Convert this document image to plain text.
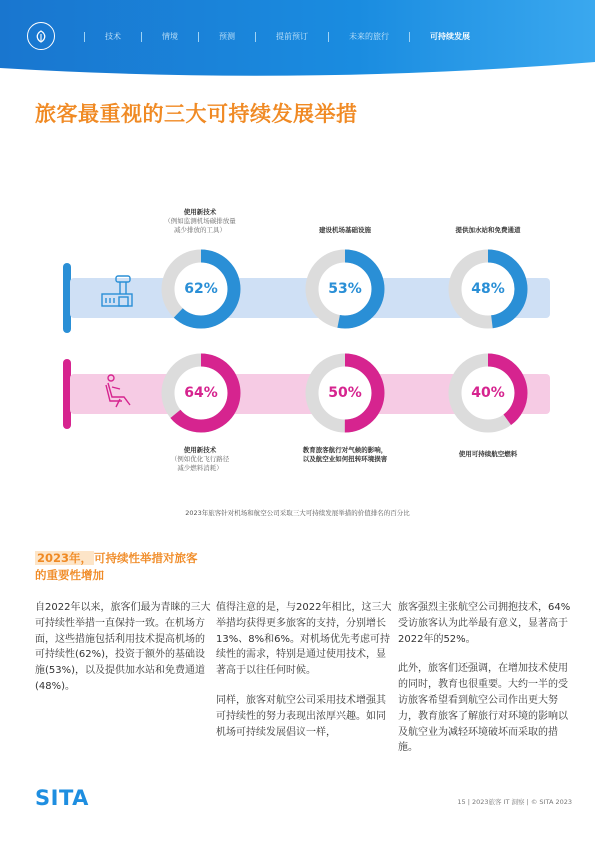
技术	情境	预测	提前预订	未来的旅行	可持续发展
旅客最重视的三大可持续发展举措
使用新技术
（例如监测机场碳排放量
减少排放的工具）	建设机场基础设施	提供加水站和免费通道
62%	53%	48%
64%	50%	40%
使用新技术
（例如优化飞行路径
减少燃料消耗）
教育旅客航行对气候的影响，
以及航空业如何扭转环境损害
使用可持续航空燃料
2023年旅客针对机场和航空公司采取三大可持续发展举措的价值排名的百分比
2023年， 可持续性举措对旅客的重要性增加

自2022年以来，旅客们最为青睐的三大可持续性举措一直保持一致。在机场方面，这些措施包括利用技术提高机场的可持续性(62%)，投资于额外的基础设施(53%)，以及提供加水站和免费通道(48%)。

值得注意的是，与2022年相比，这三大举措均获得更多旅客的支持，分别增长13%、8%和6%。对机场优先考虑可持续性的需求，特别是通过使用技术，显著高于以往任何时候。

同样，旅客对航空公司采用技术增强其可持续性的努力表现出浓厚兴趣。如同机场可持续发展倡议一样，

旅客强烈主张航空公司拥抱技术，64%受访旅客认为此举最有意义，显著高于2022年的52%。

此外，旅客们还强调，在增加技术使用的同时，教育也很重要。大约一半的受访旅客希望看到航空公司作出更大努力，教育旅客了解旅行对环境的影响以及航空业为减轻环境破坏而采取的措施。

SITA	15 | 2023旅客 IT 洞察 | © SITA 2023
